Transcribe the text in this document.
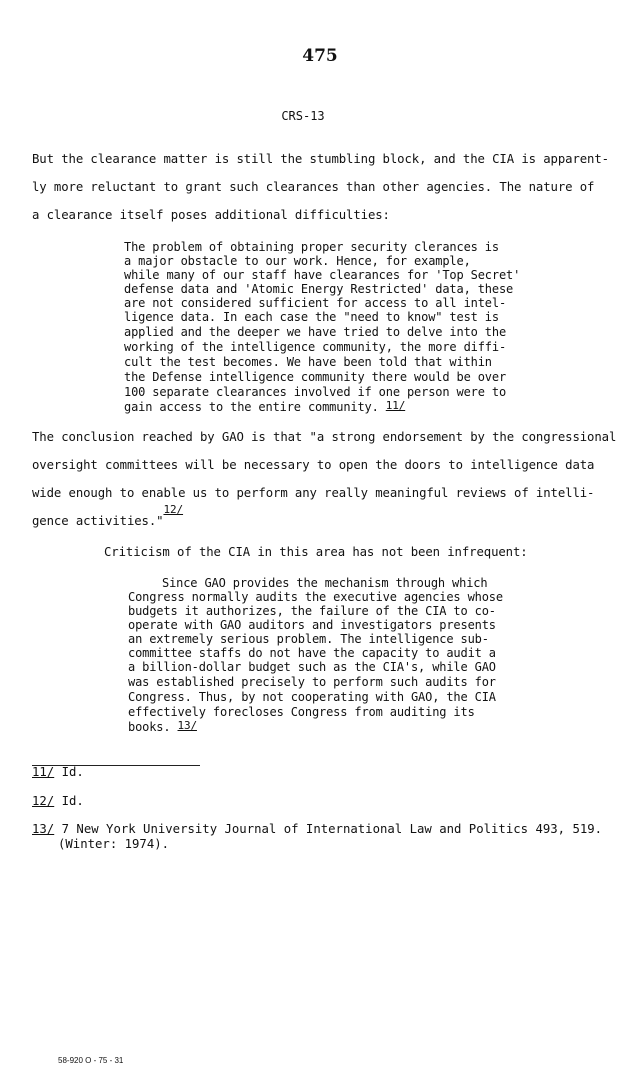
475
CRS-13
But the clearance matter is still the stumbling block, and the CIA is apparent-
ly more reluctant to grant such clearances than other agencies. The nature of
a clearance itself poses additional difficulties:
The problem of obtaining proper security clerances is
a major obstacle to our work. Hence, for example,
while many of our staff have clearances for 'Top Secret'
defense data and 'Atomic Energy Restricted' data, these
are not considered sufficient for access to all intel-
ligence data. In each case the "need to know" test is
applied and the deeper we have tried to delve into the
working of the intelligence community, the more diffi-
cult the test becomes. We have been told that within
the Defense intelligence community there would be over
100 separate clearances involved if one person were to
gain access to the entire community. $^{11/}$
The conclusion reached by GAO is that "a strong endorsement by the congressional
oversight committees will be necessary to open the doors to intelligence data
wide enough to enable us to perform any really meaningful reviews of intelli-
gence activities."$^{12/}$
Criticism of the CIA in this area has not been infrequent:
Since GAO provides the mechanism through which
Congress normally audits the executive agencies whose
budgets it authorizes, the failure of the CIA to co-
operate with GAO auditors and investigators presents
an extremely serious problem. The intelligence sub-
committee staffs do not have the capacity to audit a
a billion-dollar budget such as the CIA's, while GAO
was established precisely to perform such audits for
Congress. Thus, by not cooperating with GAO, the CIA
effectively forecloses Congress from auditing its
books. $^{13/}$
11/ Id.
12/ Id.
13/ 7 New York University Journal of International Law and Politics 493, 519.
(Winter: 1974).
58-920 O - 75 - 31
